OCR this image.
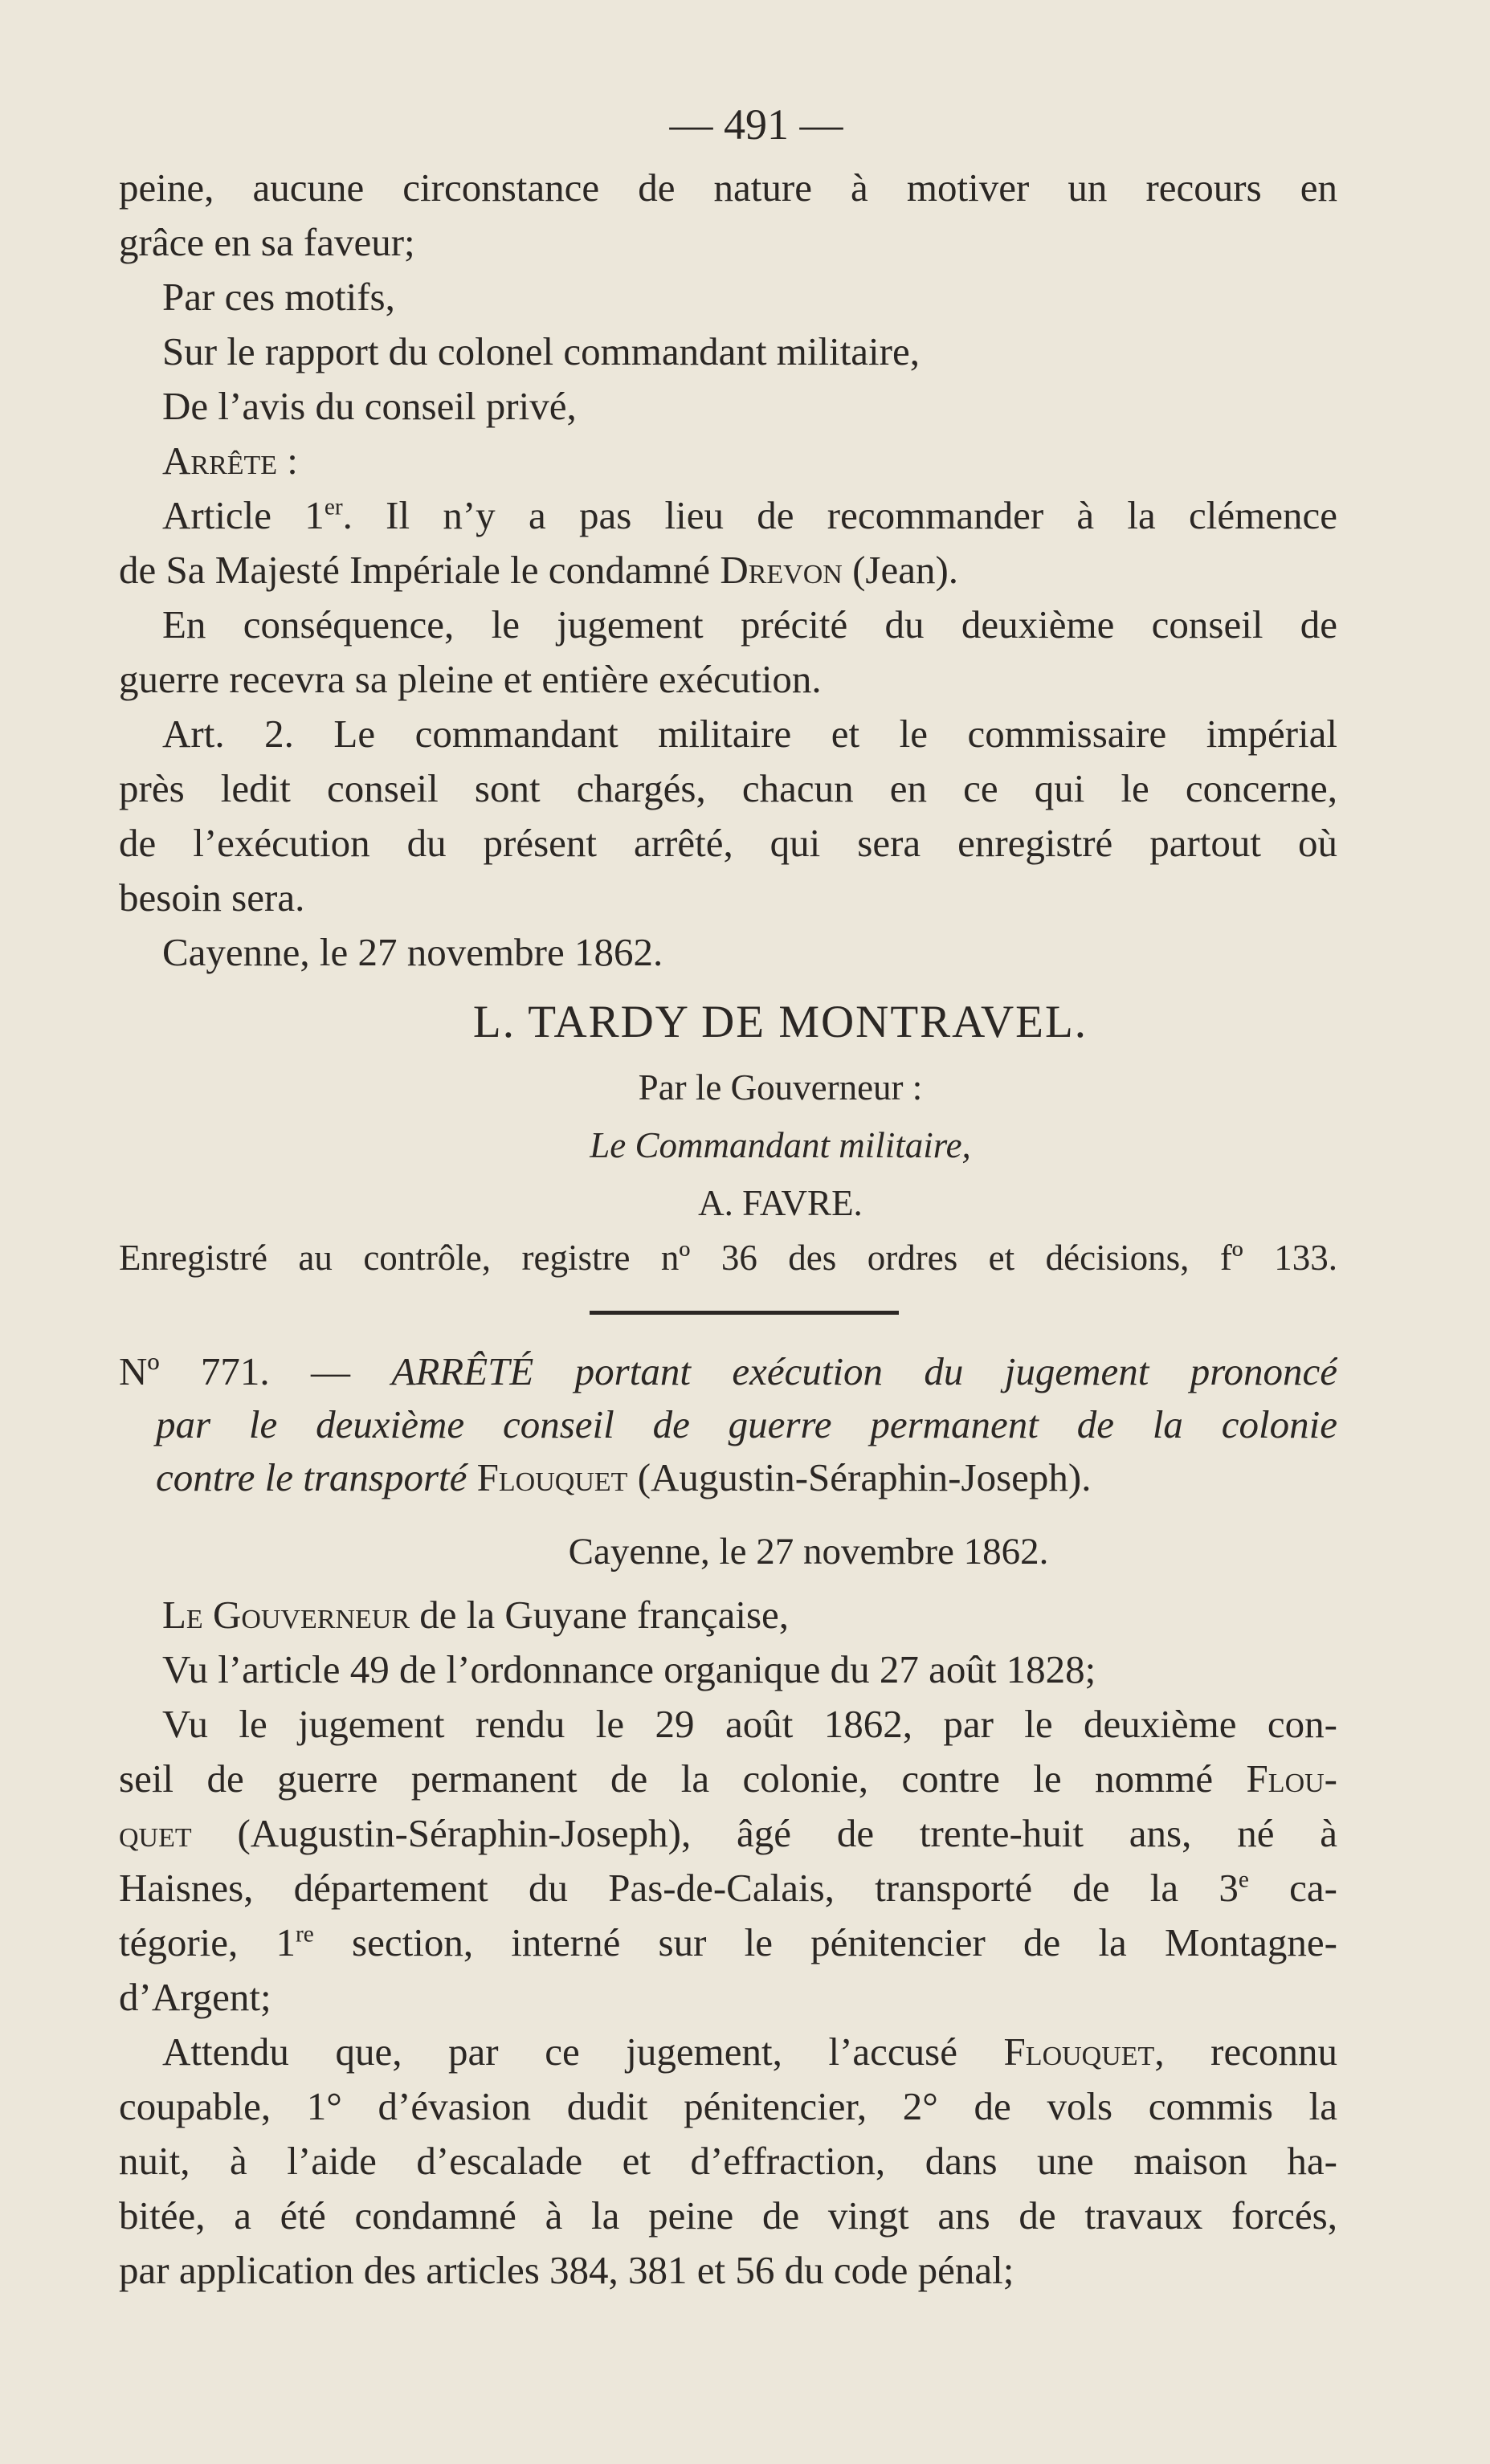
— 491 —
peine, aucune circonstance de nature à motiver un recours en
grâce en sa faveur;
Par ces motifs,
Sur le rapport du colonel commandant militaire,
De l’avis du conseil privé,
Arrête :
Article 1er. Il n’y a pas lieu de recommander à la clémence
de Sa Majesté Impériale le condamné Drevon (Jean).
En conséquence, le jugement précité du deuxième conseil de
guerre recevra sa pleine et entière exécution.
Art. 2. Le commandant militaire et le commissaire impérial
près ledit conseil sont chargés, chacun en ce qui le concerne,
de l’exécution du présent arrêté, qui sera enregistré partout où
besoin sera.
Cayenne, le 27 novembre 1862.
L. TARDY DE MONTRAVEL.
Par le Gouverneur :
Le Commandant militaire,
A. FAVRE.
Enregistré au contrôle, registre nº 36 des ordres et décisions, fº 133.
Nº 771. — ARRÊTÉ portant exécution du jugement prononcé
par le deuxième conseil de guerre permanent de la colonie
contre le transporté Flouquet (Augustin-Séraphin-Joseph).
Cayenne, le 27 novembre 1862.
Le Gouverneur de la Guyane française,
Vu l’article 49 de l’ordonnance organique du 27 août 1828;
Vu le jugement rendu le 29 août 1862, par le deuxième con-
seil de guerre permanent de la colonie, contre le nommé Flou-
quet (Augustin-Séraphin-Joseph), âgé de trente-huit ans, né à
Haisnes, département du Pas-de-Calais, transporté de la 3e ca-
tégorie, 1re section, interné sur le pénitencier de la Montagne-
d’Argent;
Attendu que, par ce jugement, l’accusé Flouquet, reconnu
coupable, 1° d’évasion dudit pénitencier, 2° de vols commis la
nuit, à l’aide d’escalade et d’effraction, dans une maison ha-
bitée, a été condamné à la peine de vingt ans de travaux forcés,
par application des articles 384, 381 et 56 du code pénal;
